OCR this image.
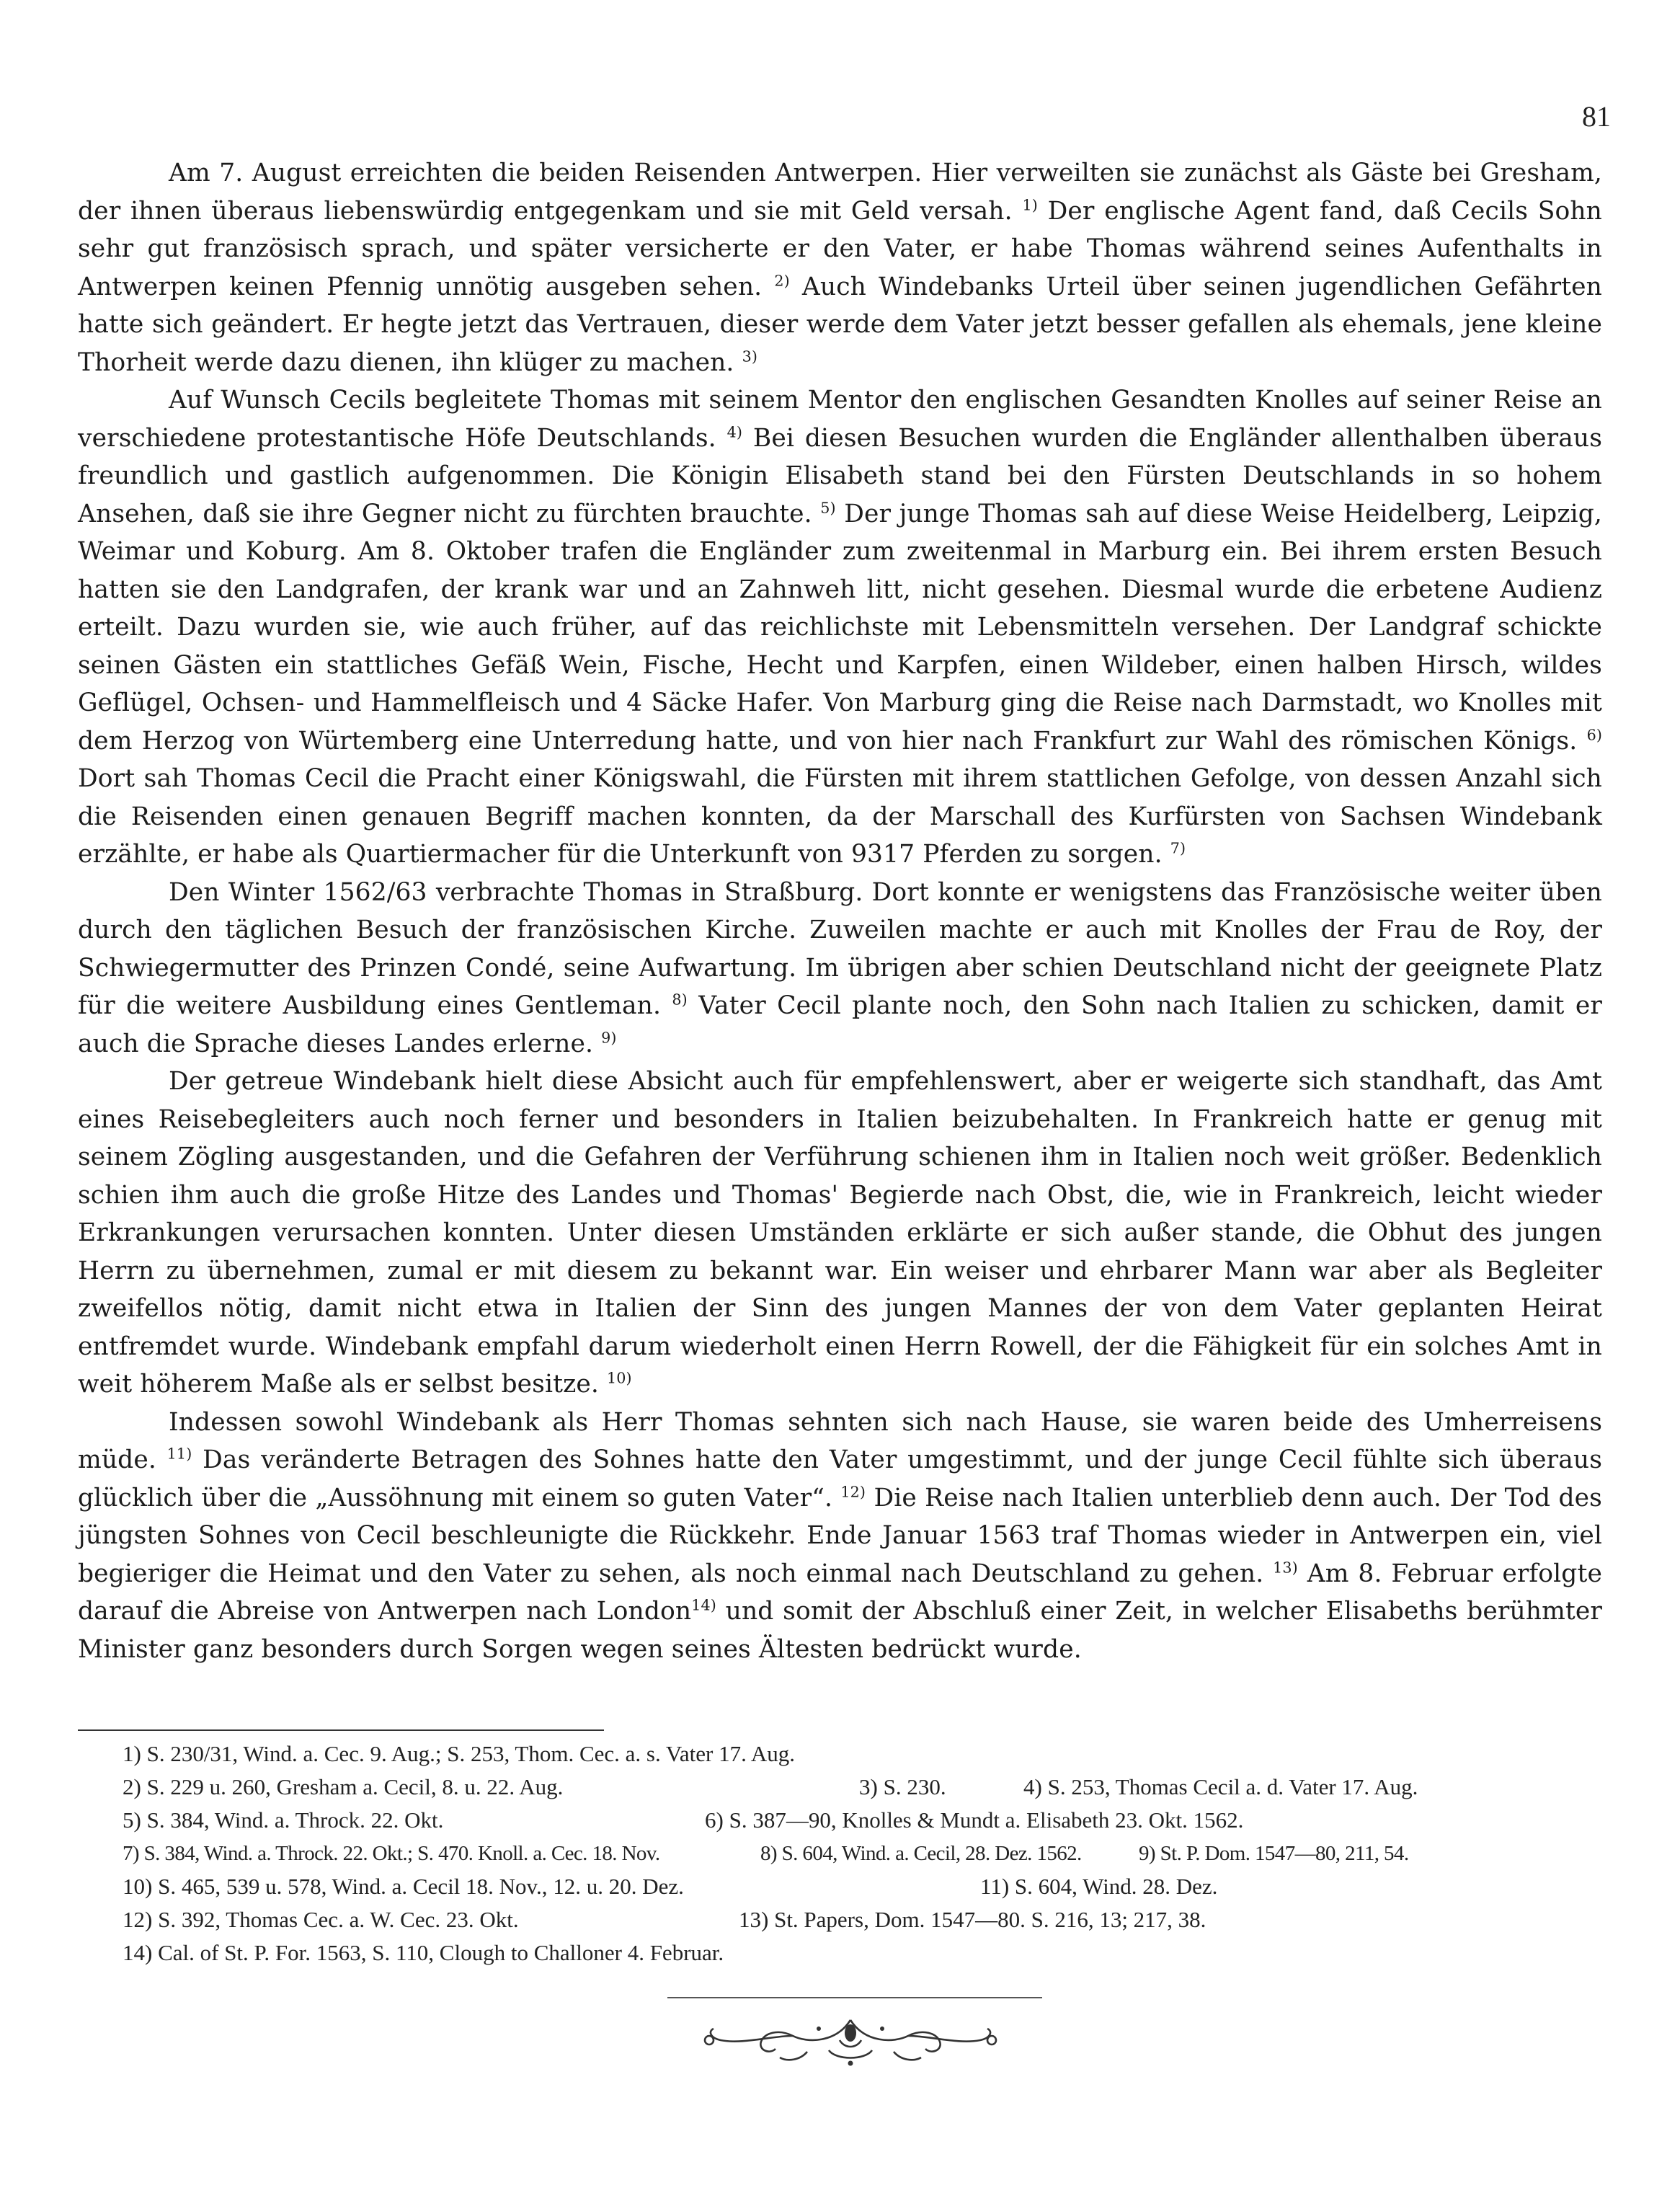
81

Am 7. August erreichten die beiden Reisenden Antwerpen. Hier verweilten sie zunächst als Gäste bei Gresham, der ihnen überaus liebenswürdig entgegenkam und sie mit Geld versah. $^{1)}$ Der englische Agent fand, daß Cecils Sohn sehr gut französisch sprach, und später versicherte er den Vater, er habe Thomas während seines Aufenthalts in Antwerpen keinen Pfennig unnötig ausgeben sehen. $^{2)}$ Auch Windebanks Urteil über seinen jugendlichen Gefährten hatte sich geändert. Er hegte jetzt das Vertrauen, dieser werde dem Vater jetzt besser gefallen als ehemals, jene kleine Thorheit werde dazu dienen, ihn klüger zu machen. $^{3)}$

Auf Wunsch Cecils begleitete Thomas mit seinem Mentor den englischen Gesandten Knolles auf seiner Reise an verschiedene protestantische Höfe Deutschlands. $^{4)}$ Bei diesen Besuchen wurden die Engländer allenthalben überaus freundlich und gastlich aufgenommen. Die Königin Elisabeth stand bei den Fürsten Deutschlands in so hohem Ansehen, daß sie ihre Gegner nicht zu fürchten brauchte. $^{5)}$ Der junge Thomas sah auf diese Weise Heidelberg, Leipzig, Weimar und Koburg. Am 8. Oktober trafen die Engländer zum zweitenmal in Marburg ein. Bei ihrem ersten Besuch hatten sie den Landgrafen, der krank war und an Zahnweh litt, nicht gesehen. Diesmal wurde die erbetene Audienz erteilt. Dazu wurden sie, wie auch früher, auf das reichlichste mit Lebensmitteln versehen. Der Landgraf schickte seinen Gästen ein stattliches Gefäß Wein, Fische, Hecht und Karpfen, einen Wildeber, einen halben Hirsch, wildes Geflügel, Ochsen- und Hammelfleisch und 4 Säcke Hafer. Von Marburg ging die Reise nach Darmstadt, wo Knolles mit dem Herzog von Würtemberg eine Unterredung hatte, und von hier nach Frankfurt zur Wahl des römischen Königs. $^{6)}$ Dort sah Thomas Cecil die Pracht einer Königswahl, die Fürsten mit ihrem stattlichen Gefolge, von dessen Anzahl sich die Reisenden einen genauen Begriff machen konnten, da der Marschall des Kurfürsten von Sachsen Windebank erzählte, er habe als Quartiermacher für die Unterkunft von 9317 Pferden zu sorgen. $^{7)}$

Den Winter 1562/63 verbrachte Thomas in Straßburg. Dort konnte er wenigstens das Französische weiter üben durch den täglichen Besuch der französischen Kirche. Zuweilen machte er auch mit Knolles der Frau de Roy, der Schwiegermutter des Prinzen Condé, seine Aufwartung. Im übrigen aber schien Deutschland nicht der geeignete Platz für die weitere Ausbildung eines Gentleman. $^{8)}$ Vater Cecil plante noch, den Sohn nach Italien zu schicken, damit er auch die Sprache dieses Landes erlerne. $^{9)}$

Der getreue Windebank hielt diese Absicht auch für empfehlenswert, aber er weigerte sich standhaft, das Amt eines Reisebegleiters auch noch ferner und besonders in Italien beizubehalten. In Frankreich hatte er genug mit seinem Zögling ausgestanden, und die Gefahren der Verführung schienen ihm in Italien noch weit größer. Bedenklich schien ihm auch die große Hitze des Landes und Thomas' Begierde nach Obst, die, wie in Frankreich, leicht wieder Erkrankungen verursachen konnten. Unter diesen Umständen erklärte er sich außer stande, die Obhut des jungen Herrn zu übernehmen, zumal er mit diesem zu bekannt war. Ein weiser und ehrbarer Mann war aber als Begleiter zweifellos nötig, damit nicht etwa in Italien der Sinn des jungen Mannes der von dem Vater geplanten Heirat entfremdet wurde. Windebank empfahl darum wiederholt einen Herrn Rowell, der die Fähigkeit für ein solches Amt in weit höherem Maße als er selbst besitze. $^{10)}$

Indessen sowohl Windebank als Herr Thomas sehnten sich nach Hause, sie waren beide des Umherreisens müde. $^{11)}$ Das veränderte Betragen des Sohnes hatte den Vater umgestimmt, und der junge Cecil fühlte sich überaus glücklich über die „Aussöhnung mit einem so guten Vater“. $^{12)}$ Die Reise nach Italien unterblieb denn auch. Der Tod des jüngsten Sohnes von Cecil beschleunigte die Rückkehr. Ende Januar 1563 traf Thomas wieder in Antwerpen ein, viel begieriger die Heimat und den Vater zu sehen, als noch einmal nach Deutschland zu gehen. $^{13)}$ Am 8. Februar erfolgte darauf die Abreise von Antwerpen nach London$^{14)}$ und somit der Abschluß einer Zeit, in welcher Elisabeths berühmter Minister ganz besonders durch Sorgen wegen seines Ältesten bedrückt wurde.

1) S. 230/31, Wind. a. Cec. 9. Aug.; S. 253, Thom. Cec. a. s. Vater 17. Aug.
2) S. 229 u. 260, Gresham a. Cecil, 8. u. 22. Aug.	3) S. 230.	4) S. 253, Thomas Cecil a. d. Vater 17. Aug.
5) S. 384, Wind. a. Throck. 22. Okt.	6) S. 387—90, Knolles & Mundt a. Elisabeth 23. Okt. 1562.
7) S. 384, Wind. a. Throck. 22. Okt.; S. 470. Knoll. a. Cec. 18. Nov.	8) S. 604, Wind. a. Cecil, 28. Dez. 1562.	9) St. P. Dom. 1547—80, 211, 54.
10) S. 465, 539 u. 578, Wind. a. Cecil 18. Nov., 12. u. 20. Dez.	11) S. 604, Wind. 28. Dez.
12) S. 392, Thomas Cec. a. W. Cec. 23. Okt.	13) St. Papers, Dom. 1547—80. S. 216, 13; 217, 38.
14) Cal. of St. P. For. 1563, S. 110, Clough to Challoner 4. Februar.
